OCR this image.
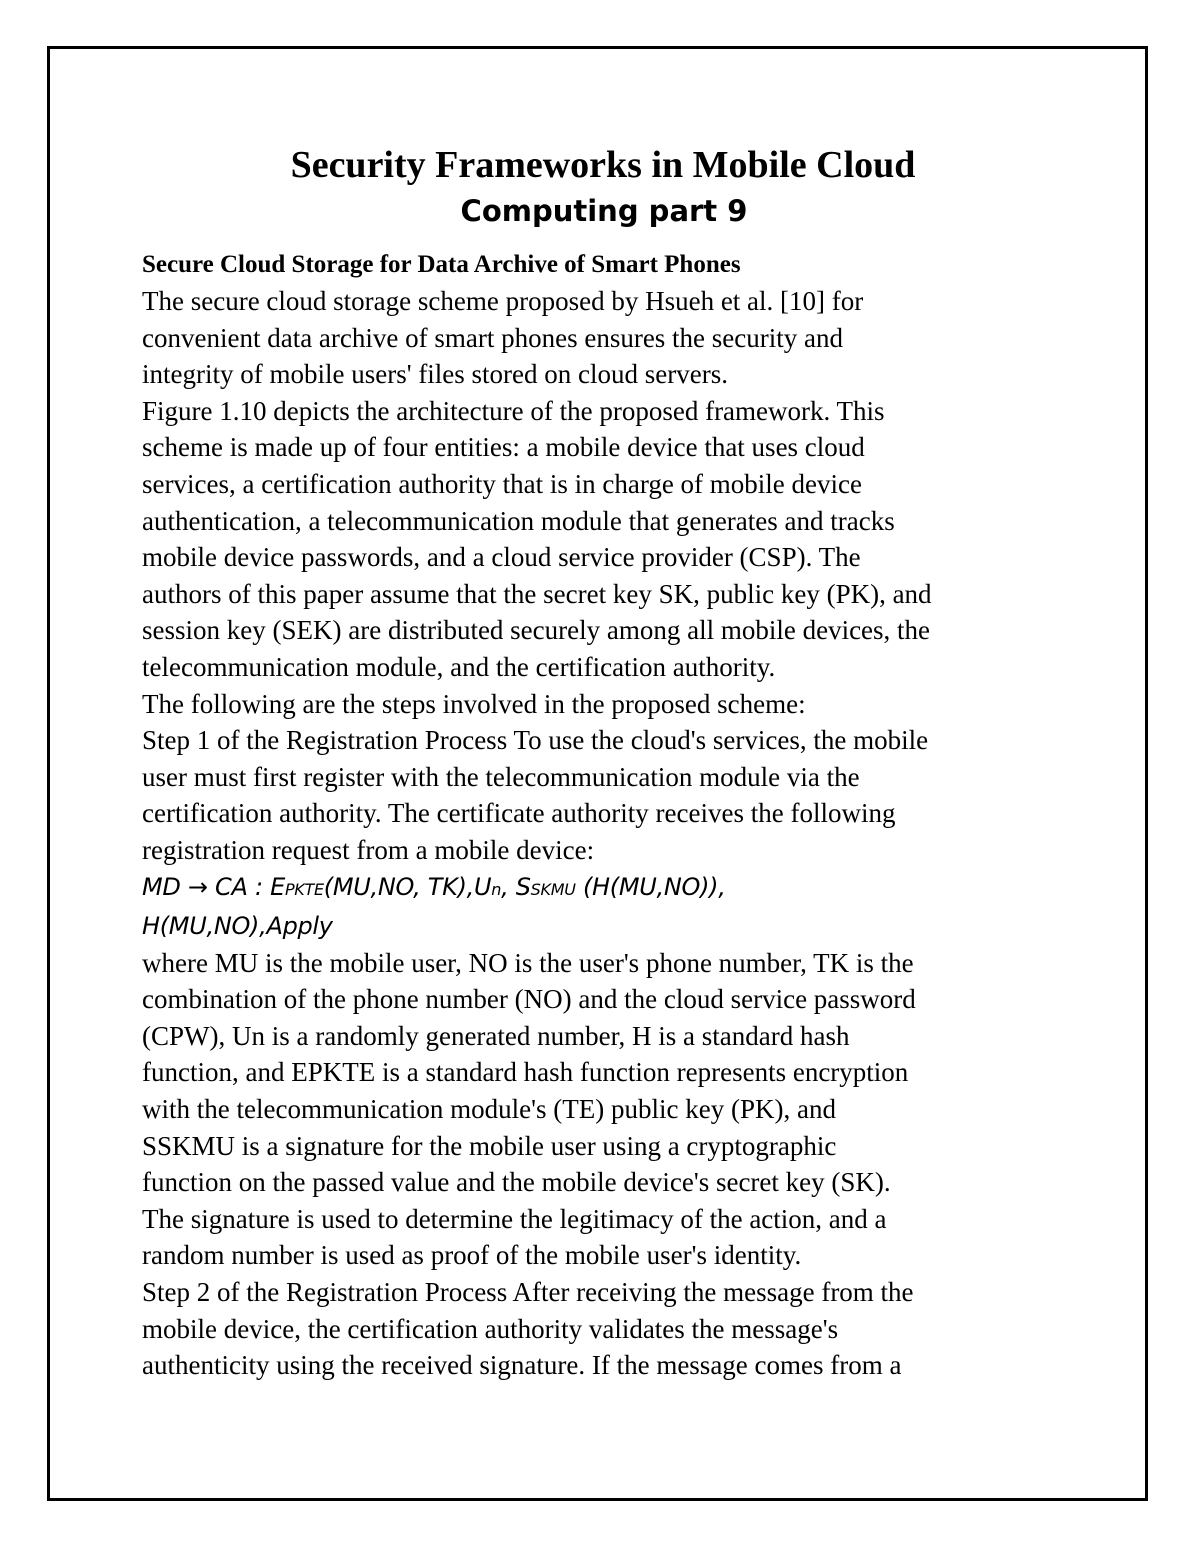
Security Frameworks in Mobile Cloud
Computing part 9
Secure Cloud Storage for Data Archive of Smart Phones
The secure cloud storage scheme proposed by Hsueh et al. [10] for
convenient data archive of smart phones ensures the security and
integrity of mobile users' files stored on cloud servers.
Figure 1.10 depicts the architecture of the proposed framework. This
scheme is made up of four entities: a mobile device that uses cloud
services, a certification authority that is in charge of mobile device
authentication, a telecommunication module that generates and tracks
mobile device passwords, and a cloud service provider (CSP). The
authors of this paper assume that the secret key SK, public key (PK), and
session key (SEK) are distributed securely among all mobile devices, the
telecommunication module, and the certification authority.
The following are the steps involved in the proposed scheme:
Step 1 of the Registration Process To use the cloud's services, the mobile
user must first register with the telecommunication module via the
certification authority. The certificate authority receives the following
registration request from a mobile device:
MD → CA : EPKTE(MU,NO, TK),Un, SSKMU (H(MU,NO)),
H(MU,NO),Apply
where MU is the mobile user, NO is the user's phone number, TK is the
combination of the phone number (NO) and the cloud service password
(CPW), Un is a randomly generated number, H is a standard hash
function, and EPKTE is a standard hash function represents encryption
with the telecommunication module's (TE) public key (PK), and
SSKMU is a signature for the mobile user using a cryptographic
function on the passed value and the mobile device's secret key (SK).
The signature is used to determine the legitimacy of the action, and a
random number is used as proof of the mobile user's identity.
Step 2 of the Registration Process After receiving the message from the
mobile device, the certification authority validates the message's
authenticity using the received signature. If the message comes from a
